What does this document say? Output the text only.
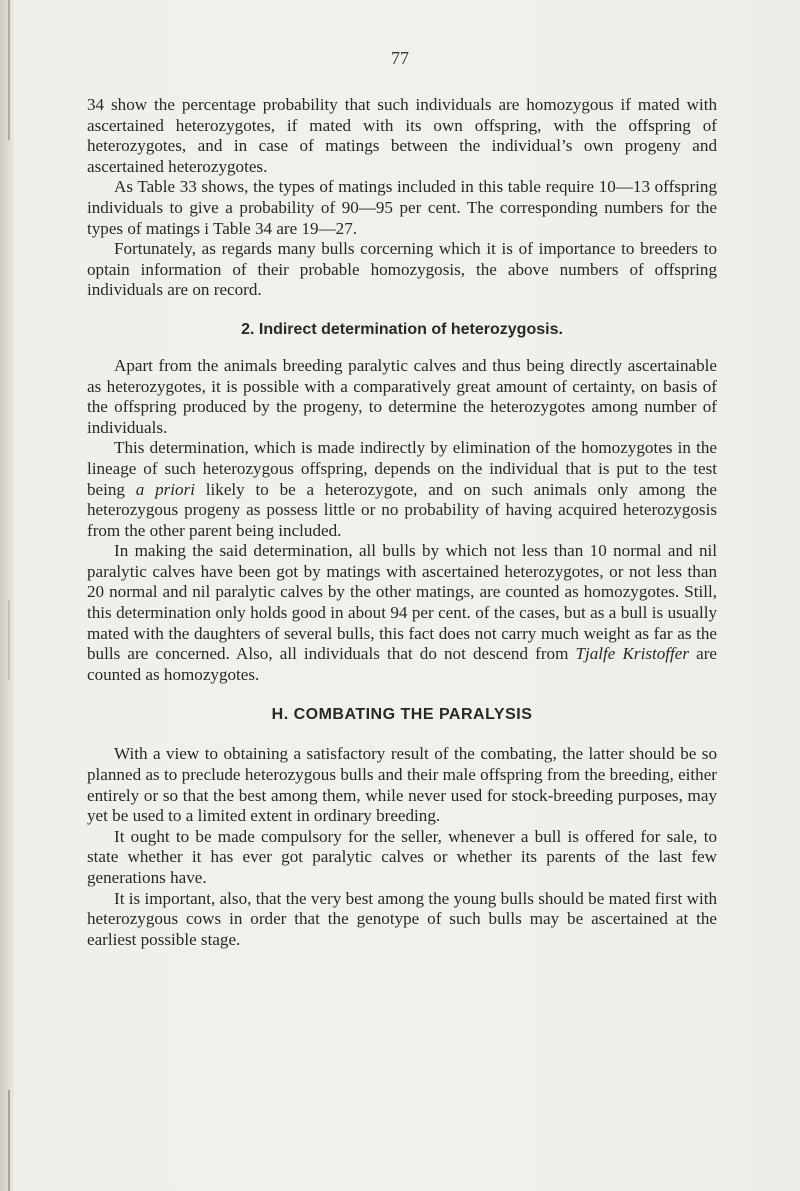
77

34 show the percentage probability that such individuals are homozygous if mated with ascertained heterozygotes, if mated with its own offspring, with the offspring of heterozygotes, and in case of matings between the individual’s own progeny and ascertained heterozygotes.

As Table 33 shows, the types of matings included in this table require 10—13 offspring individuals to give a probability of 90—95 per cent. The corresponding numbers for the types of matings i Table 34 are 19—27.

Fortunately, as regards many bulls corcerning which it is of importance to breeders to optain information of their probable homozygosis, the above numbers of offspring individuals are on record.

2. Indirect determination of heterozygosis.

Apart from the animals breeding paralytic calves and thus being directly ascertainable as heterozygotes, it is possible with a comparatively great amount of certainty, on basis of the offspring produced by the progeny, to determine the heterozygotes among number of individuals.

This determination, which is made indirectly by elimination of the homozygotes in the lineage of such heterozygous offspring, depends on the individual that is put to the test being a priori likely to be a heterozygote, and on such animals only among the heterozygous progeny as possess little or no probability of having acquired heterozygosis from the other parent being included.

In making the said determination, all bulls by which not less than 10 normal and nil paralytic calves have been got by matings with ascertained heterozygotes, or not less than 20 normal and nil paralytic calves by the other matings, are counted as homozygotes. Still, this determination only holds good in about 94 per cent. of the cases, but as a bull is usually mated with the daughters of several bulls, this fact does not carry much weight as far as the bulls are concerned. Also, all individuals that do not descend from Tjalfe Kristoffer are counted as homozygotes.

H. COMBATING THE PARALYSIS

With a view to obtaining a satisfactory result of the combating, the latter should be so planned as to preclude heterozygous bulls and their male offspring from the breeding, either entirely or so that the best among them, while never used for stock-breeding purposes, may yet be used to a limited extent in ordinary breeding.

It ought to be made compulsory for the seller, whenever a bull is offered for sale, to state whether it has ever got paralytic calves or whether its parents of the last few generations have.

It is important, also, that the very best among the young bulls should be mated first with heterozygous cows in order that the genotype of such bulls may be ascertained at the earliest possible stage.
